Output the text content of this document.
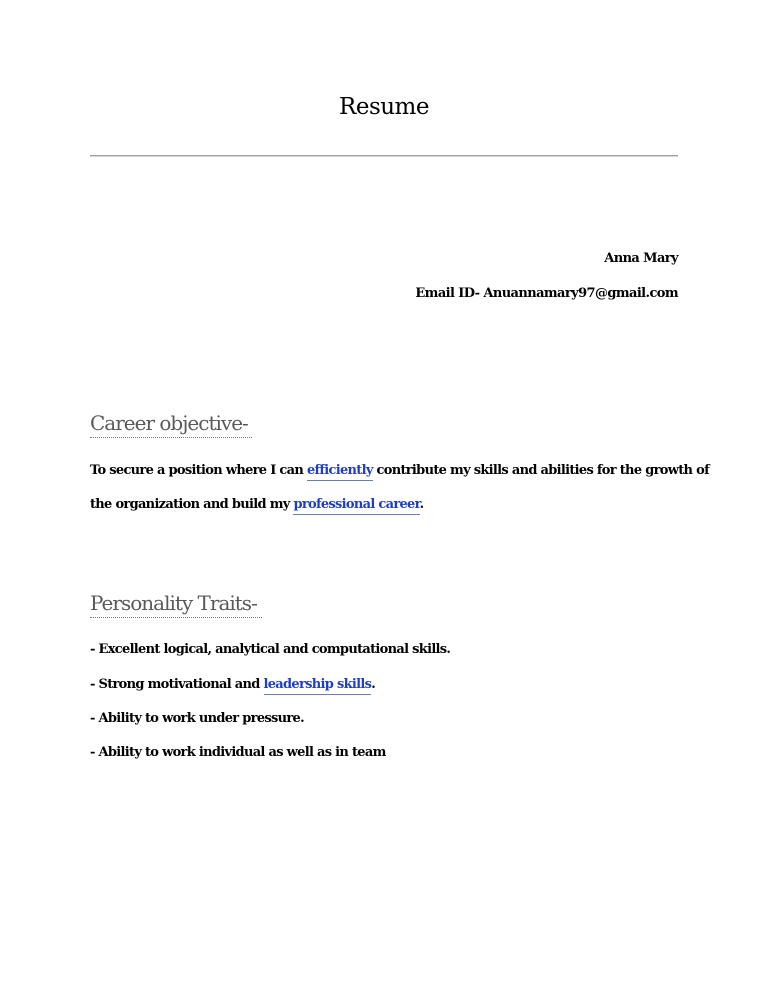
Resume
Anna Mary
Email ID- Anuannamary97@gmail.com
Career objective-
To secure a position where I can efficiently contribute my skills and abilities for the growth of
the organization and build my professional career.
Personality Traits-
- Excellent logical, analytical and computational skills.
- Strong motivational and leadership skills.
- Ability to work under pressure.
- Ability to work individual as well as in team
